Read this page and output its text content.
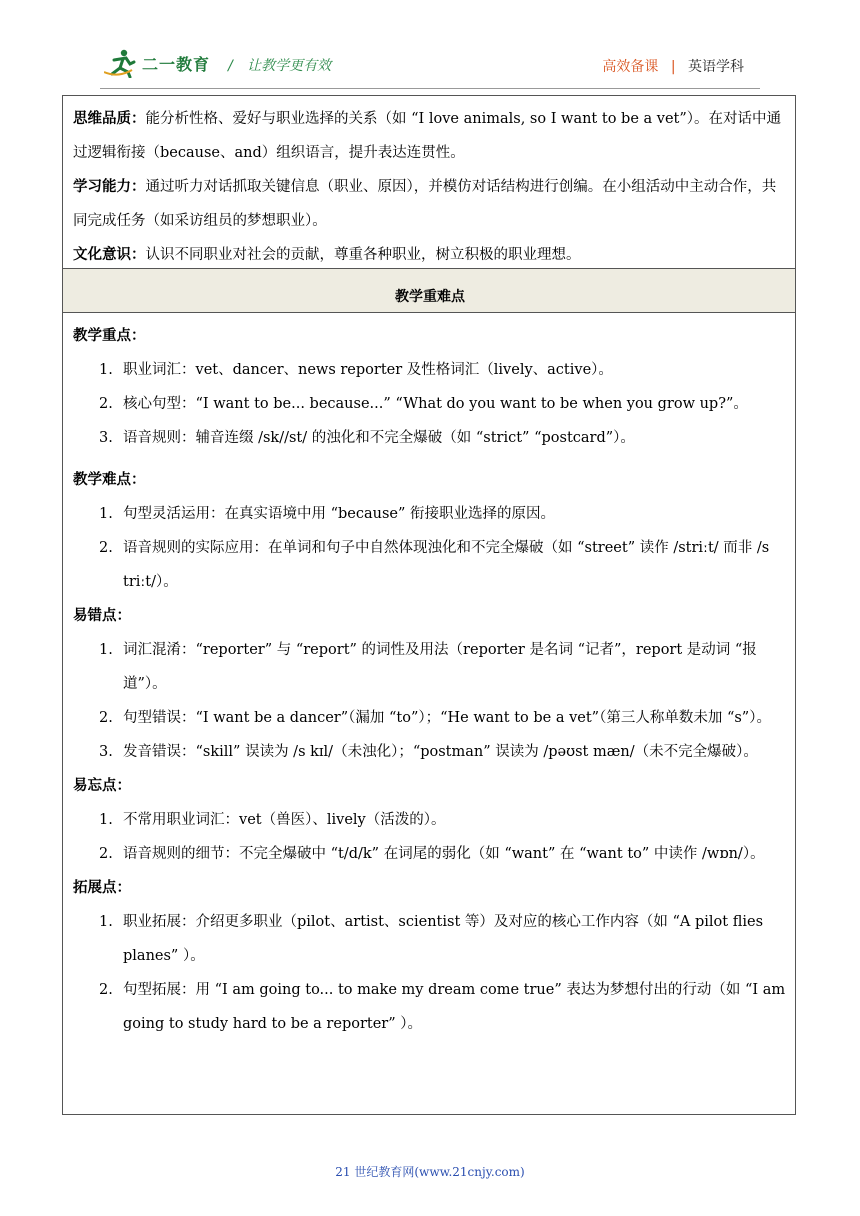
二一教育 / 让教学更有效	高效备课 | 英语学科

思维品质：能分析性格、爱好与职业选择的关系（如 “I love animals, so I want to be a vet”）。在对话中通过逻辑衔接（because、and）组织语言，提升表达连贯性。

学习能力：通过听力对话抓取关键信息（职业、原因），并模仿对话结构进行创编。在小组活动中主动合作，共同完成任务（如采访组员的梦想职业）。

文化意识：认识不同职业对社会的贡献，尊重各种职业，树立积极的职业理想。

教学重难点
教学重点：
1. 职业词汇：vet、dancer、news reporter 及性格词汇（lively、active）。
2. 核心句型：“I want to be... because...” “What do you want to be when you grow up?”。
3. 语音规则：辅音连缀 /sk//st/ 的浊化和不完全爆破（如 “strict” “postcard”）。
教学难点：
1. 句型灵活运用：在真实语境中用 “because” 衔接职业选择的原因。
2. 语音规则的实际应用：在单词和句子中自然体现浊化和不完全爆破（如 “street” 读作 /striːt/ 而非 /s triːt/）。
易错点：
1. 词汇混淆：“reporter” 与 “report” 的词性及用法（reporter 是名词 “记者”，report 是动词 “报道”）。
2. 句型错误：“I want be a dancer”（漏加 “to”）；“He want to be a vet”（第三人称单数未加 “s”）。
3. 发音错误：“skill” 误读为 /s kɪl/（未浊化）；“postman” 误读为 /pəʊst mæn/（未不完全爆破）。
易忘点：
1. 不常用职业词汇：vet（兽医）、lively（活泼的）。
2. 语音规则的细节：不完全爆破中 “t/d/k” 在词尾的弱化（如 “want” 在 “want to” 中读作 /wɒn/）。
拓展点：
1. 职业拓展：介绍更多职业（pilot、artist、scientist 等）及对应的核心工作内容（如 “A pilot flies planes” ）。
2. 句型拓展：用 “I am going to... to make my dream come true” 表达为梦想付出的行动（如 “I am going to study hard to be a reporter” ）。
21 世纪教育网(www.21cnjy.com)
